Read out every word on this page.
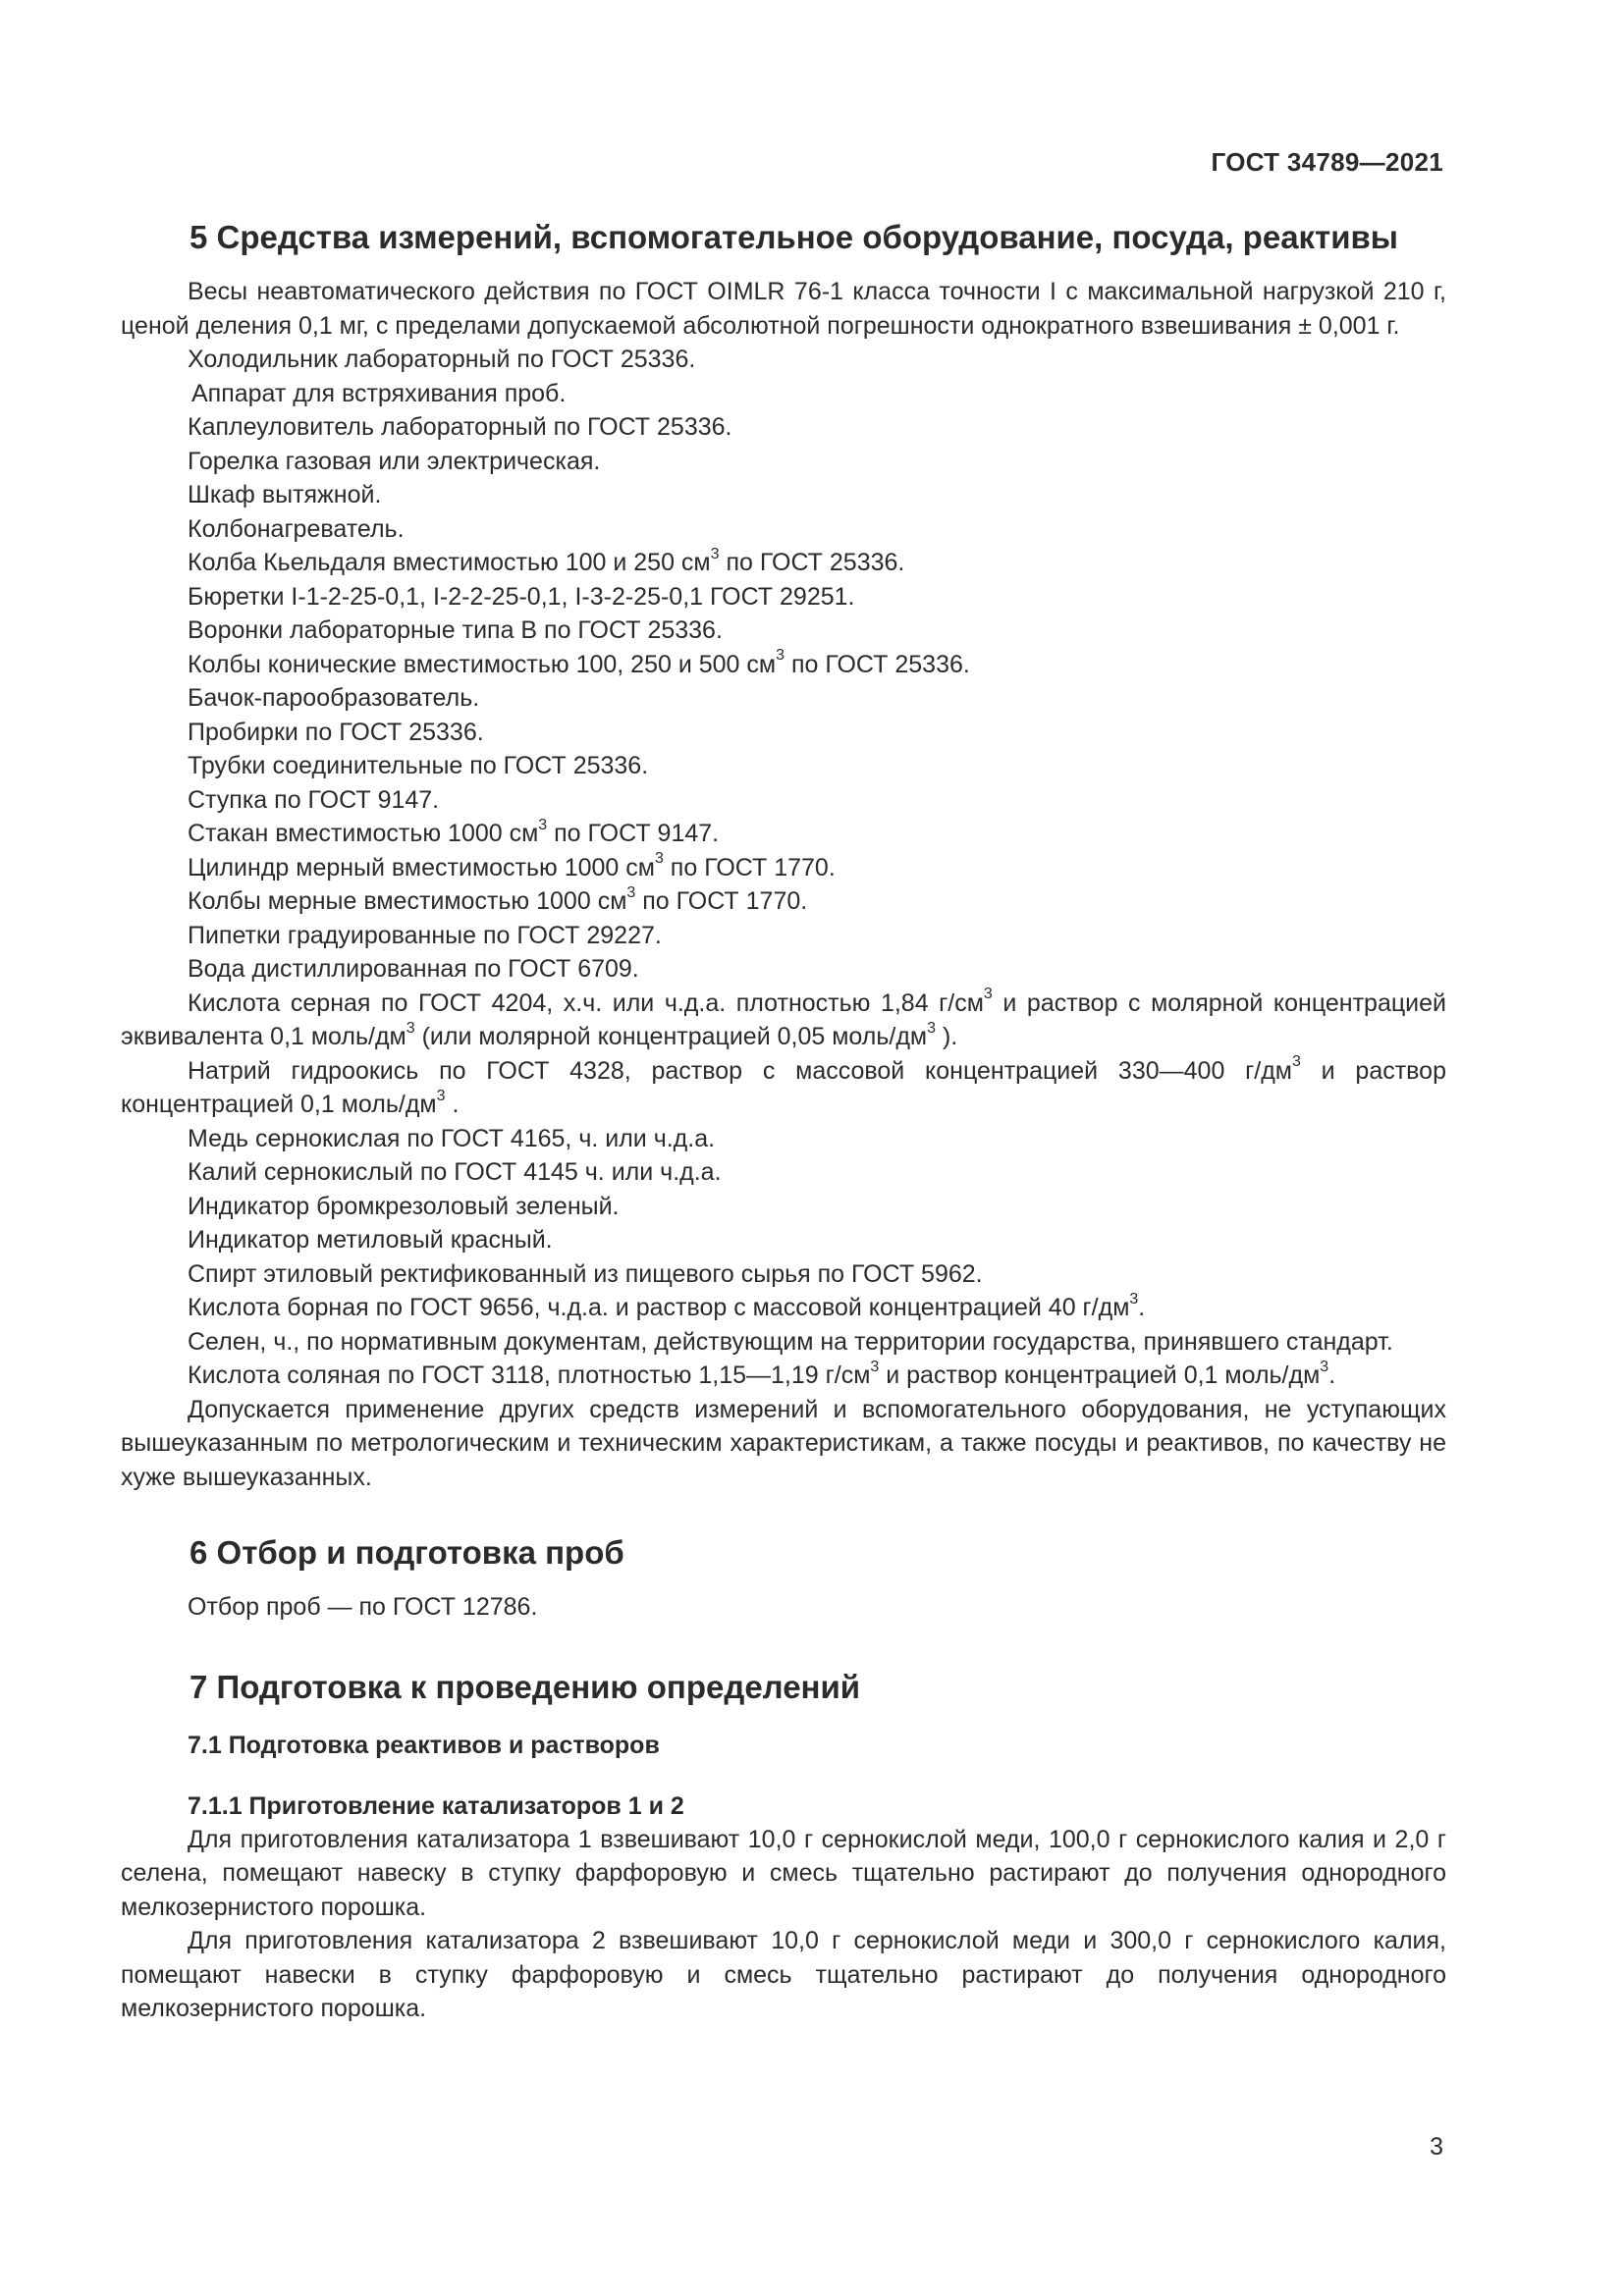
ГОСТ 34789—2021
5 Средства измерений, вспомогательное оборудование, посуда, реактивы

Весы неавтоматического действия по ГОСТ OIMLR 76-1 класса точности I с максимальной нагрузкой 210 г, ценой деления 0,1 мг, с пределами допускаемой абсолютной погрешности однократного взвешивания ± 0,001 г.

Холодильник лабораторный по ГОСТ 25336.

Аппарат для встряхивания проб.

Каплеуловитель лабораторный по ГОСТ 25336.

Горелка газовая или электрическая.

Шкаф вытяжной.

Колбонагреватель.

Колба Кьельдаля вместимостью 100 и 250 $см^3$ по ГОСТ 25336.

Бюретки I-1-2-25-0,1, I-2-2-25-0,1, I-3-2-25-0,1 ГОСТ 29251.

Воронки лабораторные типа В по ГОСТ 25336.

Колбы конические вместимостью 100, 250 и 500 $см^3$ по ГОСТ 25336.

Бачок-парообразователь.

Пробирки по ГОСТ 25336.

Трубки соединительные по ГОСТ 25336.

Ступка по ГОСТ 9147.

Стакан вместимостью 1000 $см^3$ по ГОСТ 9147.

Цилиндр мерный вместимостью 1000 $см^3$ по ГОСТ 1770.

Колбы мерные вместимостью 1000 $см^3$ по ГОСТ 1770.

Пипетки градуированные по ГОСТ 29227.

Вода дистиллированная по ГОСТ 6709.

Кислота серная по ГОСТ 4204, х.ч. или ч.д.а. плотностью 1,84 $г/см^3$ и раствор с молярной концентрацией эквивалента 0,1 моль/$дм^3$ (или молярной концентрацией 0,05 моль/$дм^3$ ).

Натрий гидроокись по ГОСТ 4328, раствор с массовой концентрацией 330—400 $г/дм^3$ и раствор концентрацией 0,1 моль/$дм^3$ .

Медь сернокислая по ГОСТ 4165, ч. или ч.д.а.

Калий сернокислый по ГОСТ 4145 ч. или ч.д.а.

Индикатор бромкрезоловый зеленый.

Индикатор метиловый красный.

Спирт этиловый ректификованный из пищевого сырья по ГОСТ 5962.

Кислота борная по ГОСТ 9656, ч.д.а. и раствор с массовой концентрацией 40 $г/дм^3$.

Селен, ч., по нормативным документам, действующим на территории государства, принявшего стандарт.

Кислота соляная по ГОСТ 3118, плотностью 1,15—1,19 $г/см^3$ и раствор концентрацией 0,1 моль/$дм^3$.

Допускается применение других средств измерений и вспомогательного оборудования, не уступающих вышеуказанным по метрологическим и техническим характеристикам, а также посуды и реактивов, по качеству не хуже вышеуказанных.

6 Отбор и подготовка проб

Отбор проб — по ГОСТ 12786.

7 Подготовка к проведению определений
7.1 Подготовка реактивов и растворов
7.1.1 Приготовление катализаторов 1 и 2

Для приготовления катализатора 1 взвешивают 10,0 г сернокислой меди, 100,0 г сернокислого калия и 2,0 г селена, помещают навеску в ступку фарфоровую и смесь тщательно растирают до получения однородного мелкозернистого порошка.

Для приготовления катализатора 2 взвешивают 10,0 г сернокислой меди и 300,0 г сернокислого калия, помещают навески в ступку фарфоровую и смесь тщательно растирают до получения однородного мелкозернистого порошка.

3
